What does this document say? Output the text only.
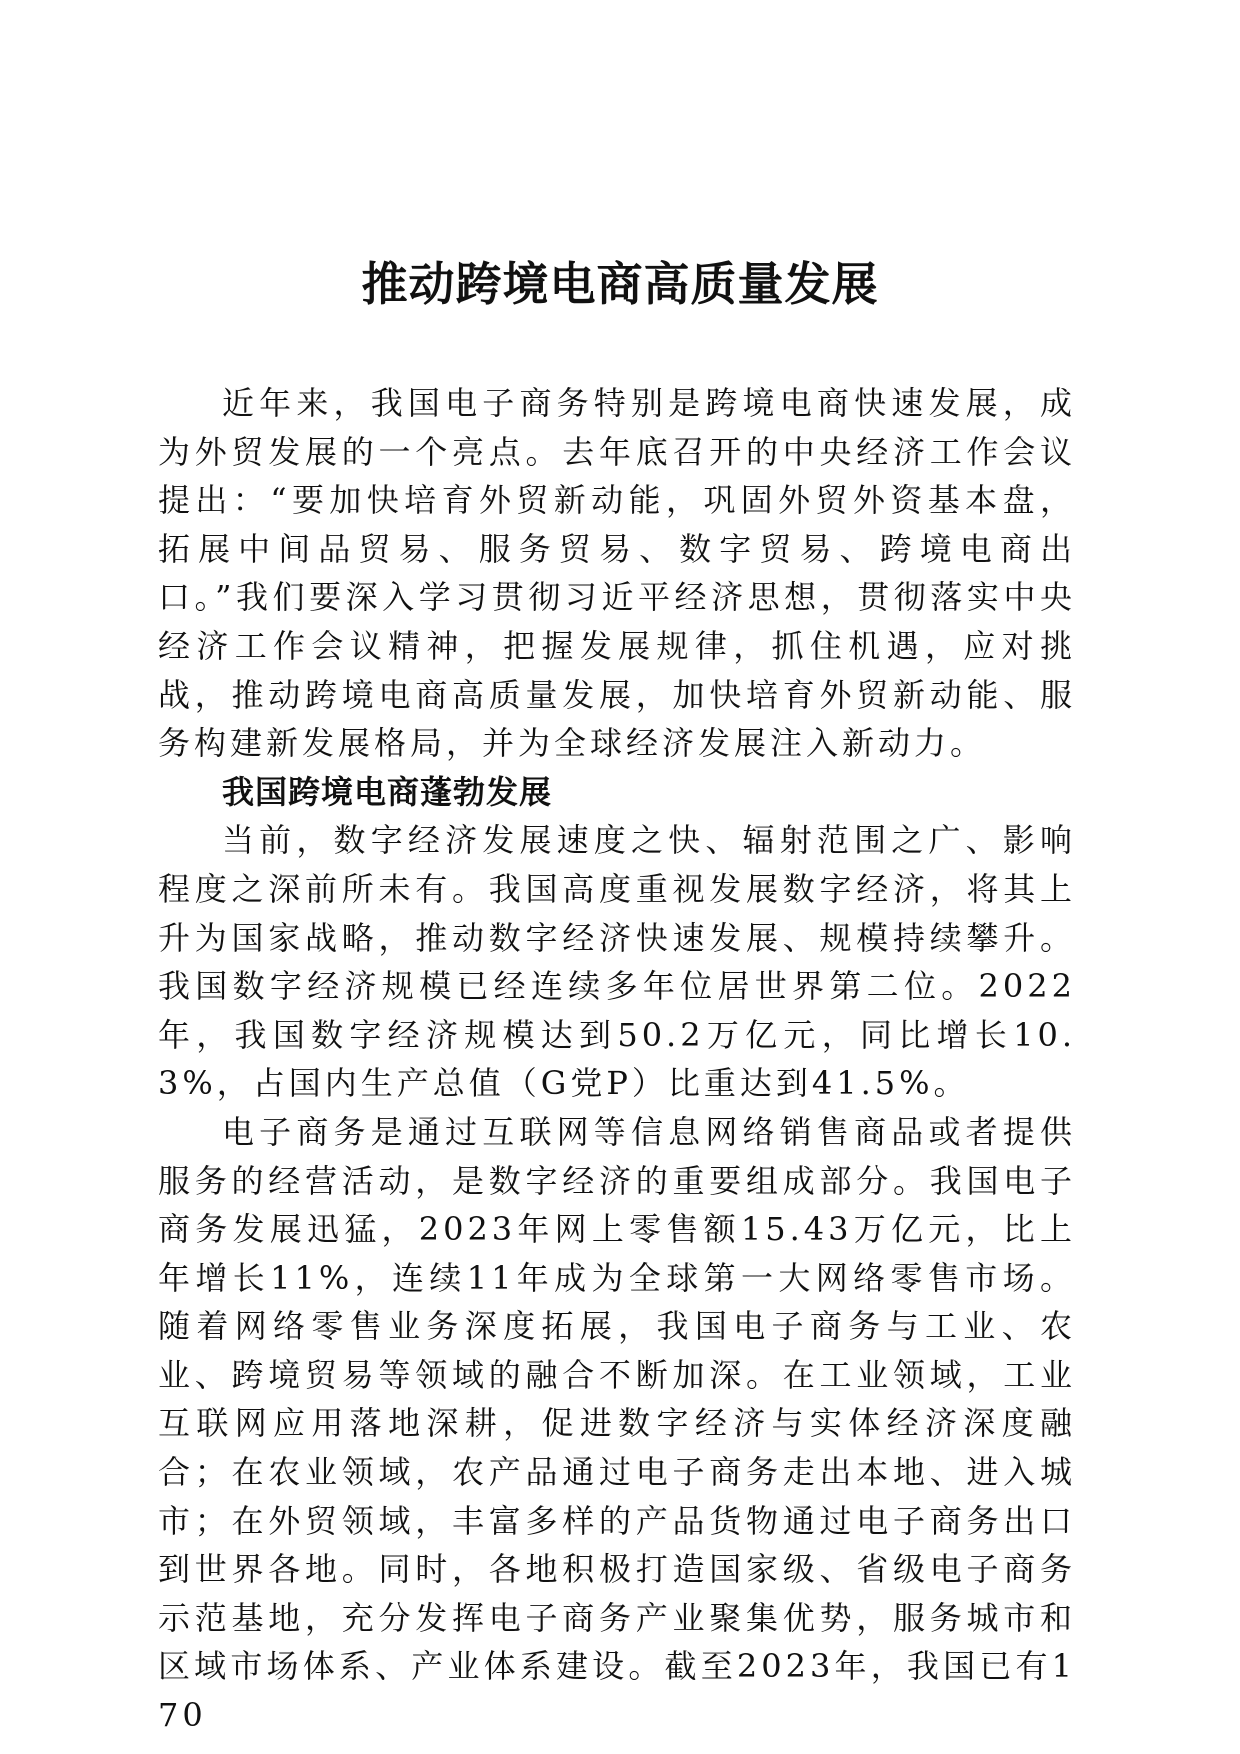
推动跨境电商高质量发展

近年来，我国电子商务特别是跨境电商快速发展，成为外贸发展的一个亮点。去年底召开的中央经济工作会议提出：“要加快培育外贸新动能，巩固外贸外资基本盘，拓展中间品贸易、服务贸易、数字贸易、跨境电商出口。”我们要深入学习贯彻习近平经济思想，贯彻落实中央经济工作会议精神，把握发展规律，抓住机遇，应对挑战，推动跨境电商高质量发展，加快培育外贸新动能、服务构建新发展格局，并为全球经济发展注入新动力。

我国跨境电商蓬勃发展

当前，数字经济发展速度之快、辐射范围之广、影响程度之深前所未有。我国高度重视发展数字经济，将其上升为国家战略，推动数字经济快速发展、规模持续攀升。我国数字经济规模已经连续多年位居世界第二位。2022年，我国数字经济规模达到50.2万亿元，同比增长10.3%，占国内生产总值（G党P）比重达到41.5%。

电子商务是通过互联网等信息网络销售商品或者提供服务的经营活动，是数字经济的重要组成部分。我国电子商务发展迅猛，2023年网上零售额15.43万亿元，比上年增长11%，连续11年成为全球第一大网络零售市场。随着网络零售业务深度拓展，我国电子商务与工业、农业、跨境贸易等领域的融合不断加深。在工业领域，工业互联网应用落地深耕，促进数字经济与实体经济深度融合；在农业领域，农产品通过电子商务走出本地、进入城市；在外贸领域，丰富多样的产品货物通过电子商务出口到世界各地。同时，各地积极打造国家级、省级电子商务示范基地，充分发挥电子商务产业聚集优势，服务城市和区域市场体系、产业体系建设。截至2023年，我国已有170
